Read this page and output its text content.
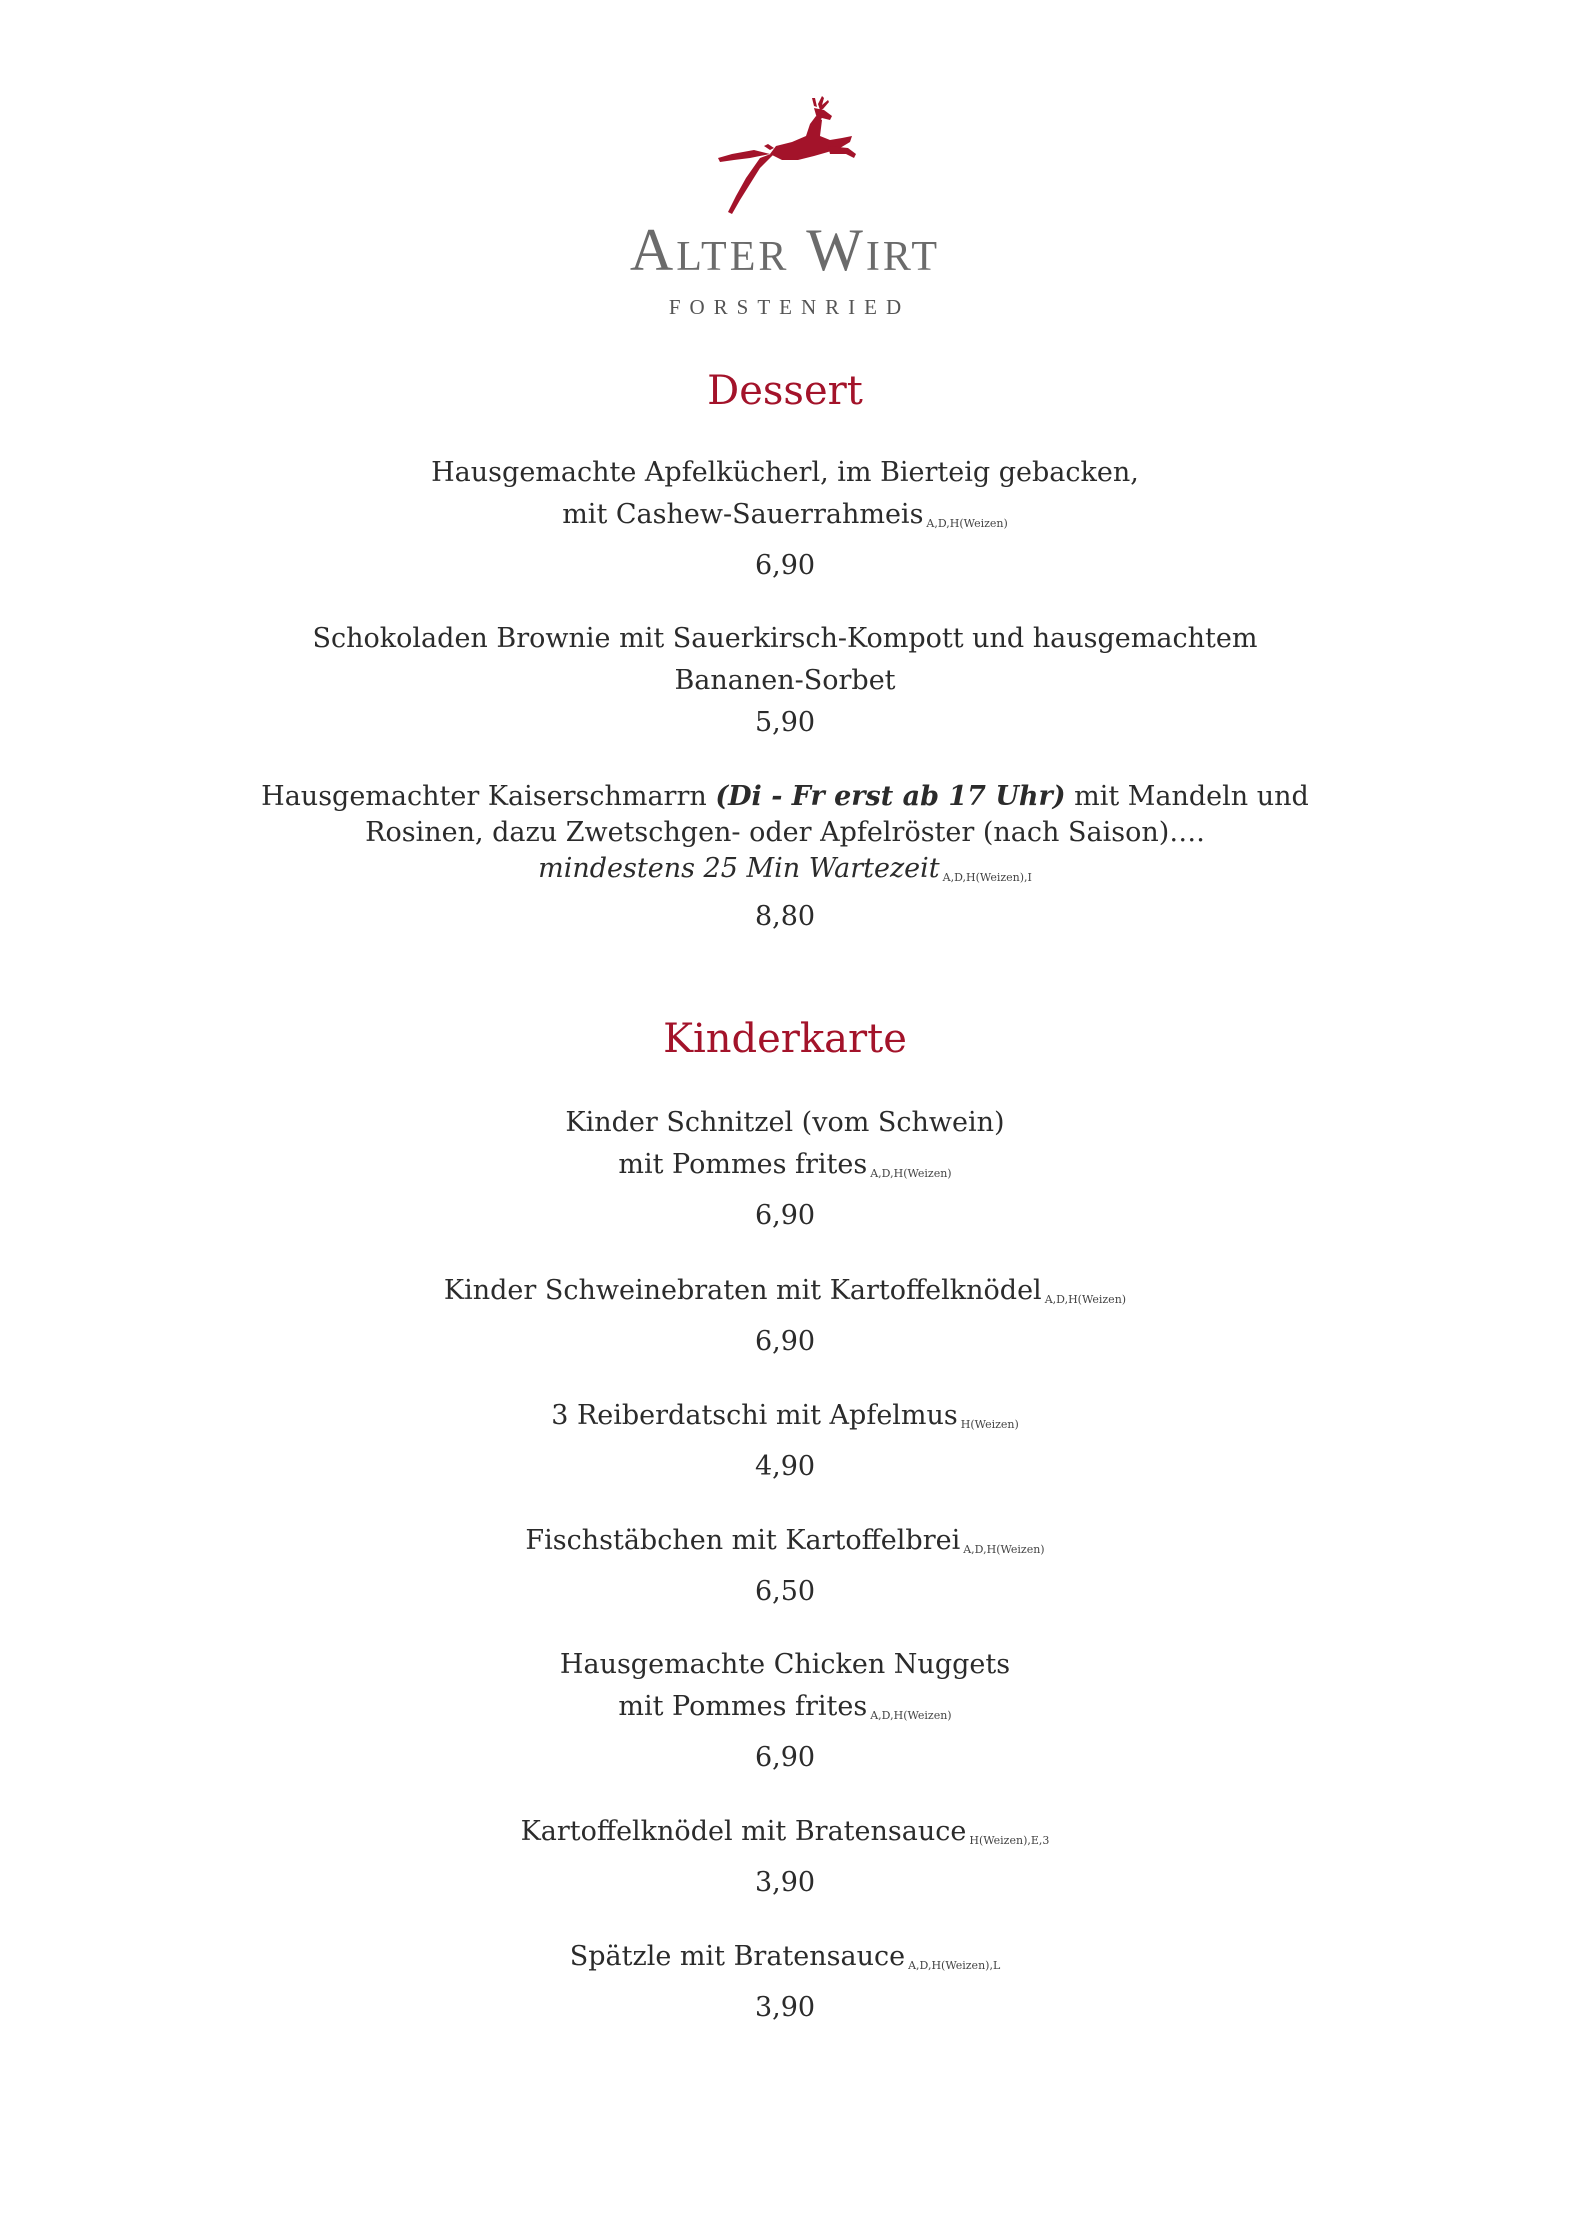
Alter Wirt
FORSTENRIED
Dessert
Hausgemachte Apfelkücherl, im Bierteig gebacken,
mit Cashew-Sauerrahmeis A,D,H(Weizen)
6,90
Schokoladen Brownie mit Sauerkirsch-Kompott und hausgemachtem
Bananen-Sorbet
5,90
Hausgemachter Kaiserschmarrn (Di - Fr erst ab 17 Uhr) mit Mandeln und
Rosinen, dazu Zwetschgen- oder Apfelröster (nach Saison)….
mindestens 25 Min Wartezeit A,D,H(Weizen),I
8,80
Kinderkarte
Kinder Schnitzel (vom Schwein)
mit Pommes frites A,D,H(Weizen)
6,90
Kinder Schweinebraten mit Kartoffelknödel A,D,H(Weizen)
6,90
3 Reiberdatschi mit Apfelmus H(Weizen)
4,90
Fischstäbchen mit Kartoffelbrei A,D,H(Weizen)
6,50
Hausgemachte Chicken Nuggets
mit Pommes frites A,D,H(Weizen)
6,90
Kartoffelknödel mit Bratensauce H(Weizen),E,3
3,90
Spätzle mit Bratensauce A,D,H(Weizen),L
3,90
